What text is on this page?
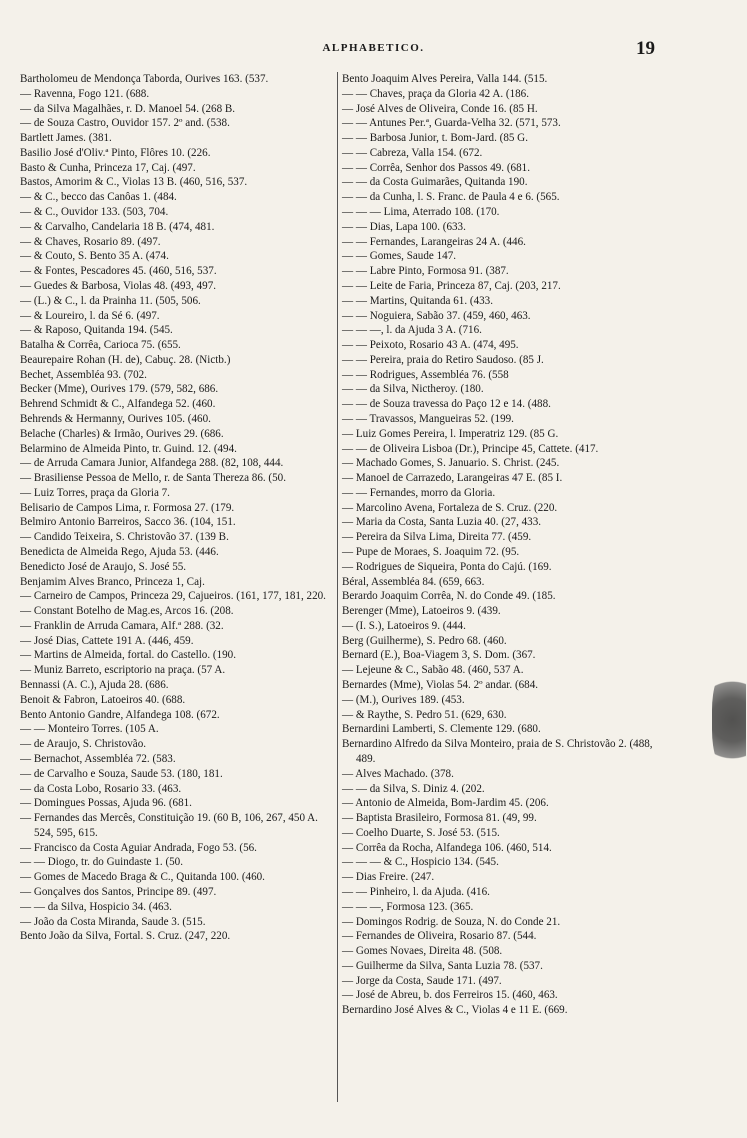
ALPHABETICO.	19
Bartholomeu de Mendonça Taborda, Ourives 163. (537.
— Ravenna, Fogo 121. (688.
— da Silva Magalhães, r. D. Manoel 54. (268 B.
— de Souza Castro, Ouvidor 157. 2º and. (538.
Bartlett James. (381.
Basilio José d'Oliv.ª Pinto, Flôres 10. (226.
Basto & Cunha, Princeza 17, Caj. (497.
Bastos, Amorim & C., Violas 13 B. (460, 516, 537.
— & C., becco das Canôas 1. (484.
— & C., Ouvidor 133. (503, 704.
— & Carvalho, Candelaria 18 B. (474, 481.
— & Chaves, Rosario 89. (497.
— & Couto, S. Bento 35 A. (474.
— & Fontes, Pescadores 45. (460, 516, 537.
— Guedes & Barbosa, Violas 48. (493, 497.
— (L.) & C., l. da Prainha 11. (505, 506.
— & Loureiro, l. da Sé 6. (497.
— & Raposo, Quitanda 194. (545.
Batalha & Corrêa, Carioca 75. (655.
Beaurepaire Rohan (H. de), Cabuç. 28. (Nictb.)
Bechet, Assembléa 93. (702.
Becker (Mme), Ourives 179. (579, 582, 686.
Behrend Schmidt & C., Alfandega 52. (460.
Behrends & Hermanny, Ourives 105. (460.
Belache (Charles) & Irmão, Ourives 29. (686.
Belarmino de Almeida Pinto, tr. Guind. 12. (494.
— de Arruda Camara Junior, Alfandega 288. (82, 108, 444.
— Brasiliense Pessoa de Mello, r. de Santa Thereza 86. (50.
— Luiz Torres, praça da Gloria 7.
Belisario de Campos Lima, r. Formosa 27. (179.
Belmiro Antonio Barreiros, Sacco 36. (104, 151.
— Candido Teixeira, S. Christovão 37. (139 B.
Benedicta de Almeida Rego, Ajuda 53. (446.
Benedicto José de Araujo, S. José 55.
Benjamim Alves Branco, Princeza 1, Caj.
— Carneiro de Campos, Princeza 29, Cajueiros. (161, 177, 181, 220.
— Constant Botelho de Mag.es, Arcos 16. (208.
— Franklin de Arruda Camara, Alf.ª 288. (32.
— José Dias, Cattete 191 A. (446, 459.
— Martins de Almeida, fortal. do Castello. (190.
— Muniz Barreto, escriptorio na praça. (57 A.
Bennassi (A. C.), Ajuda 28. (686.
Benoit & Fabron, Latoeiros 40. (688.
Bento Antonio Gandre, Alfandega 108. (672.
— — Monteiro Torres. (105 A.
— de Araujo, S. Christovão.
— Bernachot, Assembléa 72. (583.
— de Carvalho e Souza, Saude 53. (180, 181.
— da Costa Lobo, Rosario 33. (463.
— Domingues Possas, Ajuda 96. (681.
— Fernandes das Mercês, Constituição 19. (60 B, 106, 267, 450 A. 524, 595, 615.
— Francisco da Costa Aguiar Andrada, Fogo 53. (56.
— — Diogo, tr. do Guindaste 1. (50.
— Gomes de Macedo Braga & C., Quitanda 100. (460.
— Gonçalves dos Santos, Principe 89. (497.
— — da Silva, Hospicio 34. (463.
— João da Costa Miranda, Saude 3. (515.
Bento João da Silva, Fortal. S. Cruz. (247, 220.
Bento Joaquim Alves Pereira, Valla 144. (515.
— — Chaves, praça da Gloria 42 A. (186.
— José Alves de Oliveira, Conde 16. (85 H.
— — Antunes Per.ª, Guarda-Velha 32. (571, 573.
— — Barbosa Junior, t. Bom-Jard. (85 G.
— — Cabreza, Valla 154. (672.
— — Corrêa, Senhor dos Passos 49. (681.
— — da Costa Guimarães, Quitanda 190.
— — da Cunha, l. S. Franc. de Paula 4 e 6. (565.
— — — Lima, Aterrado 108. (170.
— — Dias, Lapa 100. (633.
— — Fernandes, Larangeiras 24 A. (446.
— — Gomes, Saude 147.
— — Labre Pinto, Formosa 91. (387.
— — Leite de Faria, Princeza 87, Caj. (203, 217.
— — Martins, Quitanda 61. (433.
— — Noguiera, Sabão 37. (459, 460, 463.
— — —, l. da Ajuda 3 A. (716.
— — Peixoto, Rosario 43 A. (474, 495.
— — Pereira, praia do Retiro Saudoso. (85 J.
— — Rodrigues, Assembléa 76. (558
— — da Silva, Nictheroy. (180.
— — de Souza travessa do Paço 12 e 14. (488.
— — Travassos, Mangueiras 52. (199.
— Luiz Gomes Pereira, l. Imperatriz 129. (85 G.
— — de Oliveira Lisboa (Dr.), Principe 45, Cattete. (417.
— Machado Gomes, S. Januario. S. Christ. (245.
— Manoel de Carrazedo, Larangeiras 47 E. (85 I.
— — Fernandes, morro da Gloria.
— Marcolino Avena, Fortaleza de S. Cruz. (220.
— Maria da Costa, Santa Luzia 40. (27, 433.
— Pereira da Silva Lima, Direita 77. (459.
— Pupe de Moraes, S. Joaquim 72. (95.
— Rodrigues de Siqueira, Ponta do Cajú. (169.
Béral, Assembléa 84. (659, 663.
Berardo Joaquim Corrêa, N. do Conde 49. (185.
Berenger (Mme), Latoeiros 9. (439.
— (I. S.), Latoeiros 9. (444.
Berg (Guilherme), S. Pedro 68. (460.
Bernard (E.), Boa-Viagem 3, S. Dom. (367.
— Lejeune & C., Sabão 48. (460, 537 A.
Bernardes (Mme), Violas 54. 2º andar. (684.
— (M.), Ourives 189. (453.
— & Raythe, S. Pedro 51. (629, 630.
Bernardini Lamberti, S. Clemente 129. (680.
Bernardino Alfredo da Silva Monteiro, praia de S. Christovão 2. (488, 489.
— Alves Machado. (378.
— — da Silva, S. Diniz 4. (202.
— Antonio de Almeida, Bom-Jardim 45. (206.
— Baptista Brasileiro, Formosa 81. (49, 99.
— Coelho Duarte, S. José 53. (515.
— Corrêa da Rocha, Alfandega 106. (460, 514.
— — — & C., Hospicio 134. (545.
— Dias Freire. (247.
— — Pinheiro, l. da Ajuda. (416.
— — —, Formosa 123. (365.
— Domingos Rodrig. de Souza, N. do Conde 21.
— Fernandes de Oliveira, Rosario 87. (544.
— Gomes Novaes, Direita 48. (508.
— Guilherme da Silva, Santa Luzia 78. (537.
— Jorge da Costa, Saude 171. (497.
— José de Abreu, b. dos Ferreiros 15. (460, 463.
Bernardino José Alves & C., Violas 4 e 11 E. (669.
